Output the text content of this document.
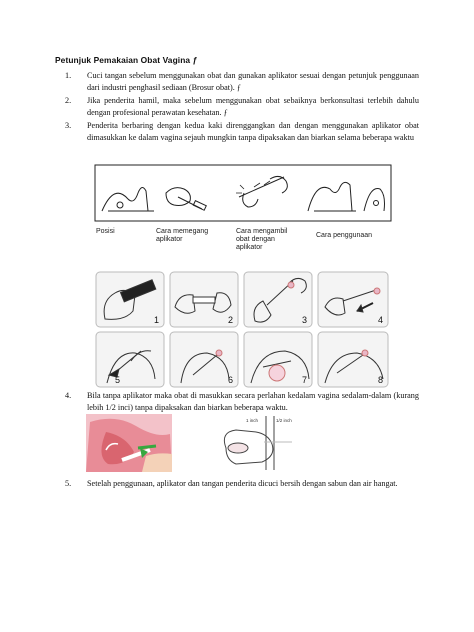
Petunjuk Pemakaian Obat Vagina ƒ
1. Cuci tangan sebelum menggunakan obat dan gunakan aplikator sesuai dengan petunjuk penggunaan dari industri penghasil sediaan (Brosur obat). ƒ
2. Jika penderita hamil, maka sebelum menggunakan obat sebaiknya berkonsultasi terlebih dahulu dengan profesional perawatan kesehatan. ƒ
3. Penderita berbaring dengan kedua kaki direnggangkan dan dengan menggunakan aplikator obat dimasukkan ke dalam vagina sejauh mungkin tanpa dipaksakan dan biarkan selama beberapa waktu
Posisi	Cara memegang aplikator
Cara mengambil obat dengan aplikator
Cara penggunaan
1	2	3	4
5	6	7	8
4. Bila tanpa aplikator maka obat di masukkan secara perlahan kedalam vagina sedalam-dalam (kurang lebih 1/2 inci) tanpa dipaksakan dan biarkan beberapa waktu.
1 inch	1/2 inch
5. Setelah penggunaan, aplikator dan tangan penderita dicuci bersih dengan sabun dan air hangat.
